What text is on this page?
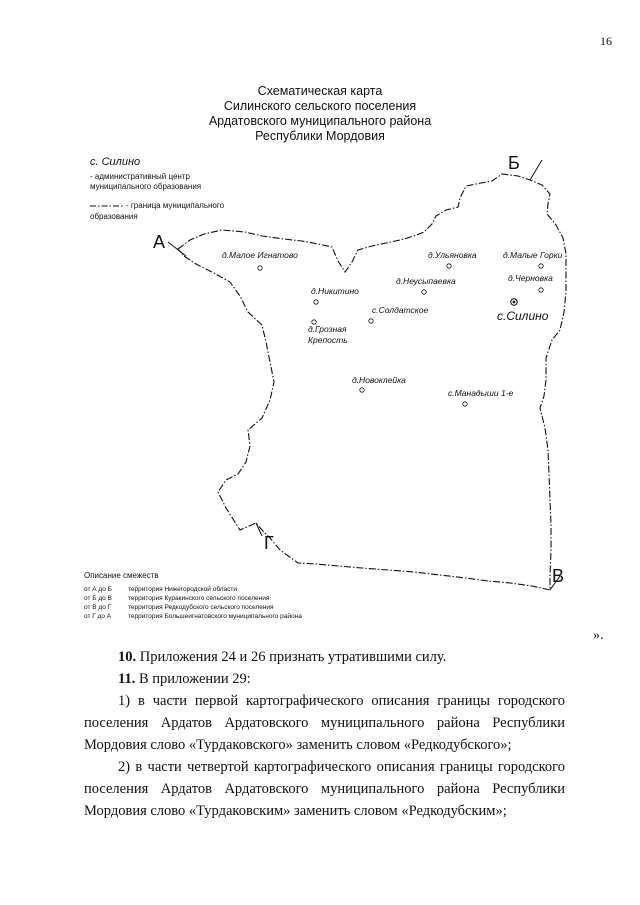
16
Схематическая карта
Силинского сельского поселения
Ардатовского муниципального района
Республики Мордовия
с. Силино
- административный центр
муниципального образования
- граница муниципального
образования
А
Б
В
Г
д.Малое Игнатово	д.Ульяновка	д.Малые Горки
д.Неусыпаевка	д.Черновка
д.Никитино
с.Солдатское	с.Силино
д.Грозная
Крепость
д.Новоклейка
с.Манадыши 1-е
Описание смежеств
от А до Б территория Нижегородской области
от Б до В территория Куракинского сельского поселения
от В до Г	территория Редкодубского сельского поселения
от Г до А	территория Большеигнатовского муниципального района
».
10. Приложения 24 и 26 признать утратившими силу.
11. В приложении 29:
1) в части первой картографического описания границы городского
поселения Ардатов Ардатовского муниципального района Республики
Мордовия слово «Турдаковского» заменить словом «Редкодубского»;
2) в части четвертой картографического описания границы городского
поселения Ардатов Ардатовского муниципального района Республики
Мордовия слово «Турдаковским» заменить словом «Редкодубским»;
